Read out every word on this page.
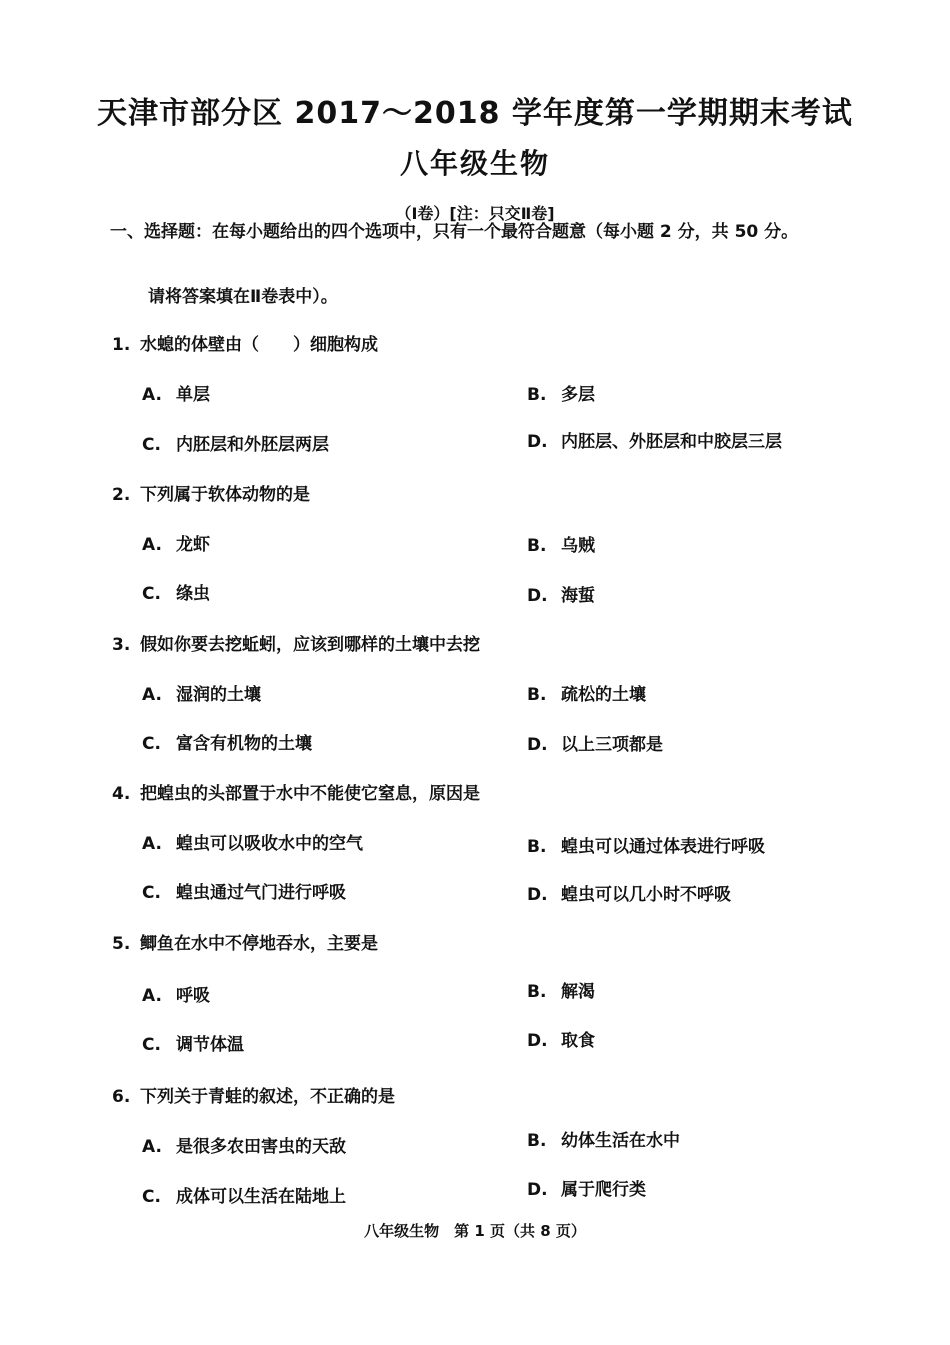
天津市部分区 2017～2018 学年度第一学期期末考试
八年级生物
（Ⅰ卷）[注：只交Ⅱ卷]
一、选择题：在每小题给出的四个选项中，只有一个最符合题意（每小题 2 分，共 50 分。
请将答案填在Ⅱ卷表中）。
1. 水螅的体壁由（　　）细胞构成
A. 单层	B. 多层
C. 内胚层和外胚层两层	D. 内胚层、外胚层和中胶层三层
2. 下列属于软体动物的是
A. 龙虾	B. 乌贼
C. 绦虫	D. 海蜇
3. 假如你要去挖蚯蚓，应该到哪样的土壤中去挖
A. 湿润的土壤	B. 疏松的土壤
C. 富含有机物的土壤	D. 以上三项都是
4. 把蝗虫的头部置于水中不能使它窒息，原因是
A. 蝗虫可以吸收水中的空气	B. 蝗虫可以通过体表进行呼吸
C. 蝗虫通过气门进行呼吸	D. 蝗虫可以几小时不呼吸
5. 鲫鱼在水中不停地吞水，主要是
A. 呼吸	B. 解渴
C. 调节体温	D. 取食
6. 下列关于青蛙的叙述，不正确的是
A. 是很多农田害虫的天敌	B. 幼体生活在水中
C. 成体可以生活在陆地上	D. 属于爬行类
八年级生物　第 1 页（共 8 页）
